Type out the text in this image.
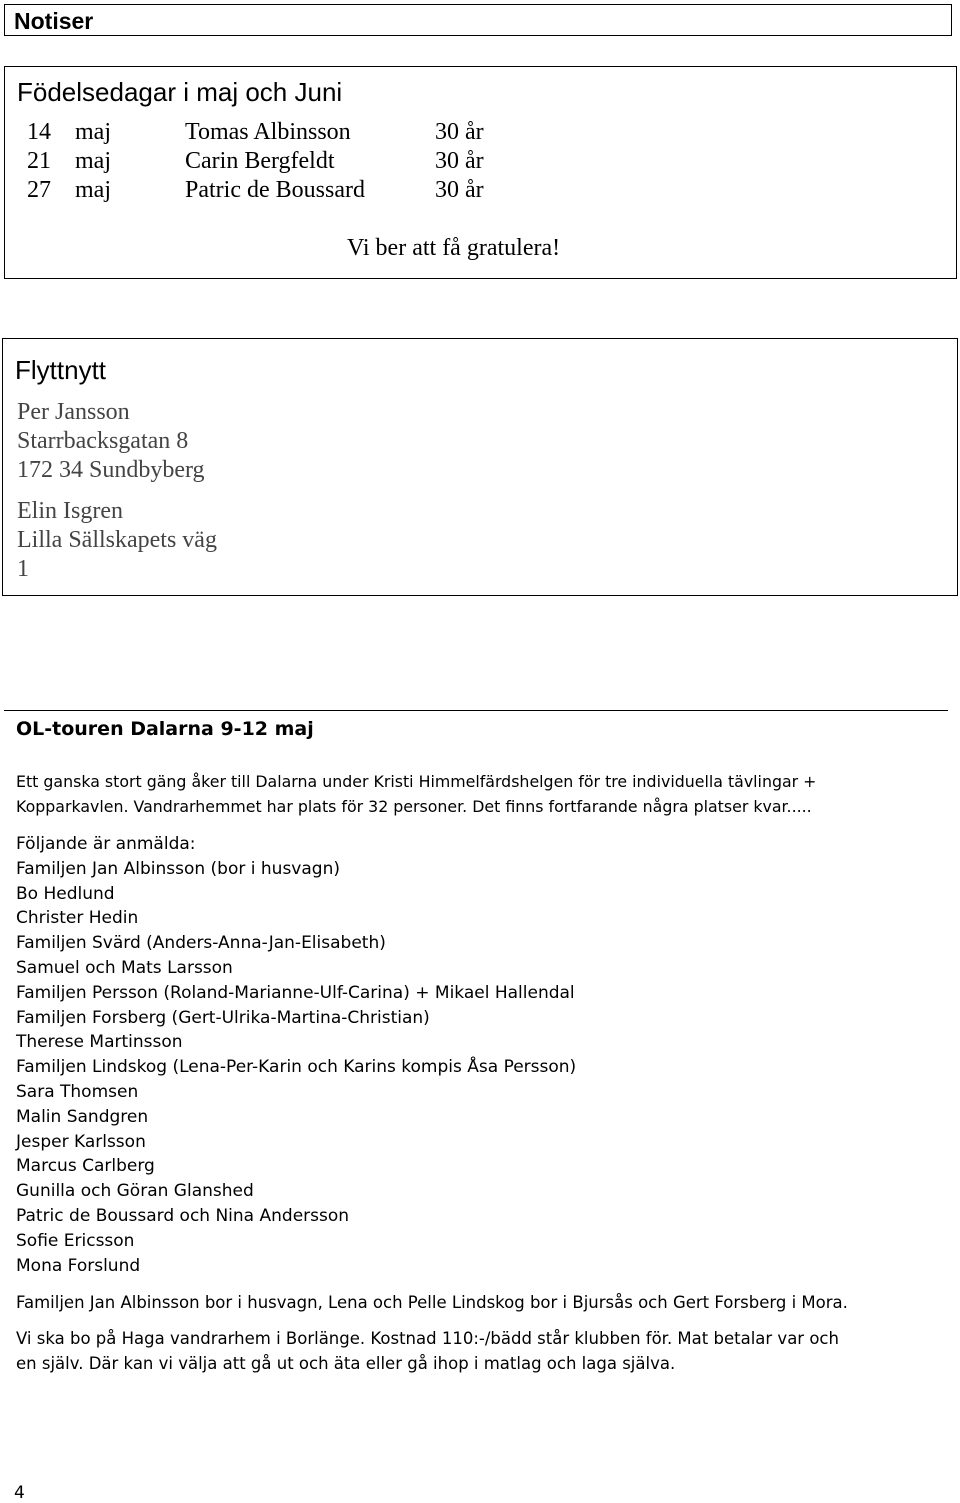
Notiser
Födelsedagar i maj och Juni
14 maj	Tomas Albinsson	30 år
21 maj	Carin Bergfeldt	30 år
27 maj	Patric de Boussard	30 år
Vi ber att få gratulera!
Flyttnytt
Per Jansson
Starrbacksgatan 8
172 34 Sundbyberg
Elin Isgren
Lilla Sällskapets väg
1
OL-touren Dalarna 9-12 maj
Ett ganska stort gäng åker till Dalarna under Kristi Himmelfärdshelgen för tre individuella tävlingar +
Kopparkavlen. Vandrarhemmet har plats för 32 personer. Det finns fortfarande några platser kvar.....
Följande är anmälda:
Familjen Jan Albinsson (bor i husvagn)
Bo Hedlund
Christer Hedin
Familjen Svärd (Anders-Anna-Jan-Elisabeth)
Samuel och Mats Larsson
Familjen Persson (Roland-Marianne-Ulf-Carina) + Mikael Hallendal
Familjen Forsberg (Gert-Ulrika-Martina-Christian)
Therese Martinsson
Familjen Lindskog (Lena-Per-Karin och Karins kompis Åsa Persson)
Sara Thomsen
Malin Sandgren
Jesper Karlsson
Marcus Carlberg
Gunilla och Göran Glanshed
Patric de Boussard och Nina Andersson
Sofie Ericsson
Mona Forslund
Familjen Jan Albinsson bor i husvagn, Lena och Pelle Lindskog bor i Bjursås och Gert Forsberg i Mora.
Vi ska bo på Haga vandrarhem i Borlänge. Kostnad 110:-/bädd står klubben för. Mat betalar var och
en själv. Där kan vi välja att gå ut och äta eller gå ihop i matlag och laga själva.
4
